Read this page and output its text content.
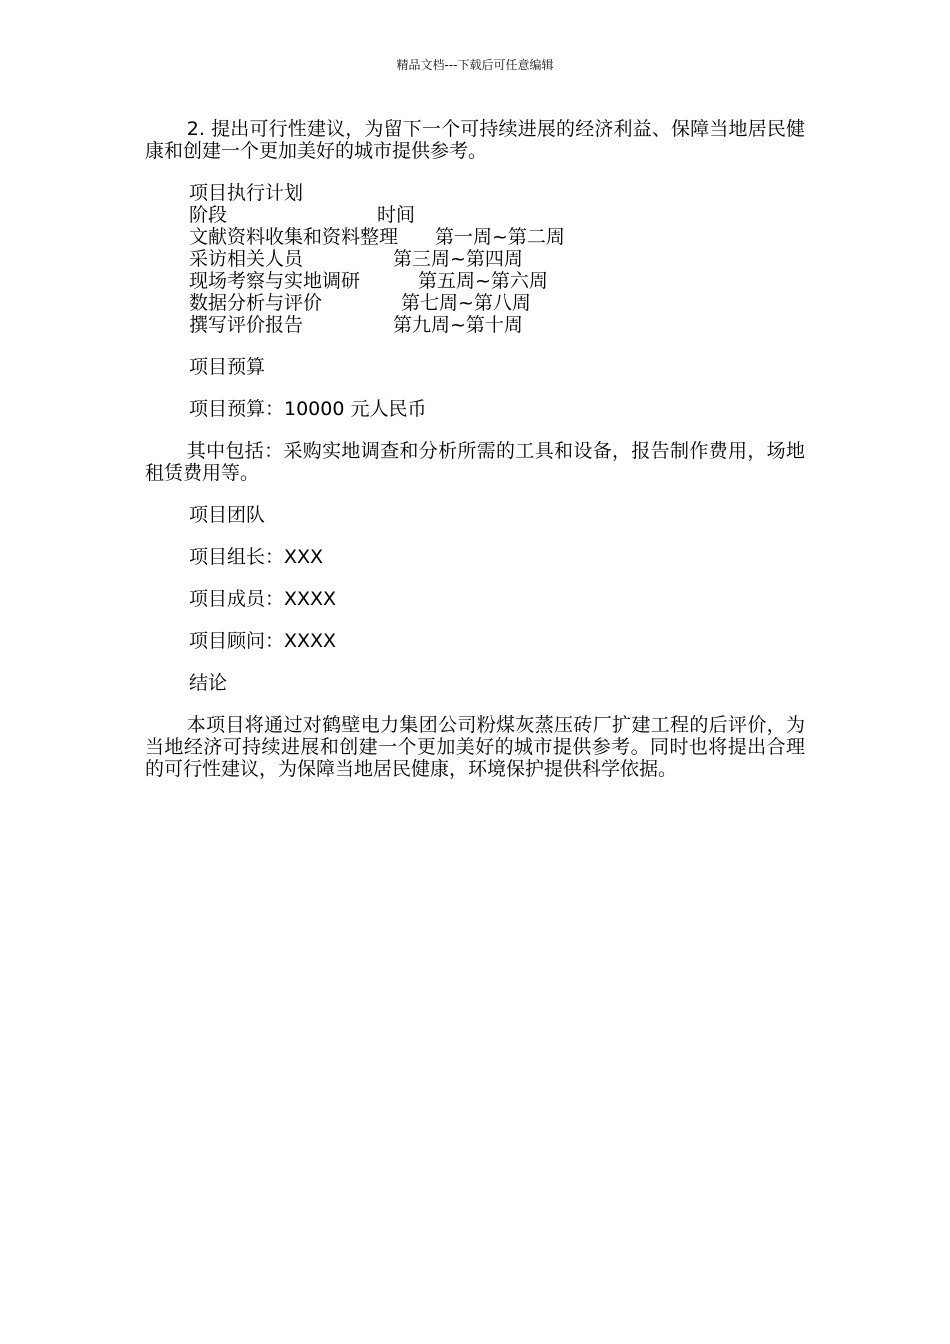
精品文档---下载后可任意编辑

2. 提出可行性建议，为留下一个可持续进展的经济利益、保障当地居民健康和创建一个更加美好的城市提供参考。

项目执行计划

阶段	时间
文献资料收集和资料整理 第一周~第二周
采访相关人员	第三周~第四周
现场考察与实地调研	第五周~第六周
数据分析与评价	第七周~第八周
撰写评价报告	第九周~第十周

项目预算

项目预算：10000 元人民币

其中包括：采购实地调查和分析所需的工具和设备，报告制作费用，场地租赁费用等。

项目团队

项目组长：XXX

项目成员：XXXX

项目顾问：XXXX

结论

本项目将通过对鹤壁电力集团公司粉煤灰蒸压砖厂扩建工程的后评价，为当地经济可持续进展和创建一个更加美好的城市提供参考。同时也将提出合理的可行性建议，为保障当地居民健康，环境保护提供科学依据。
